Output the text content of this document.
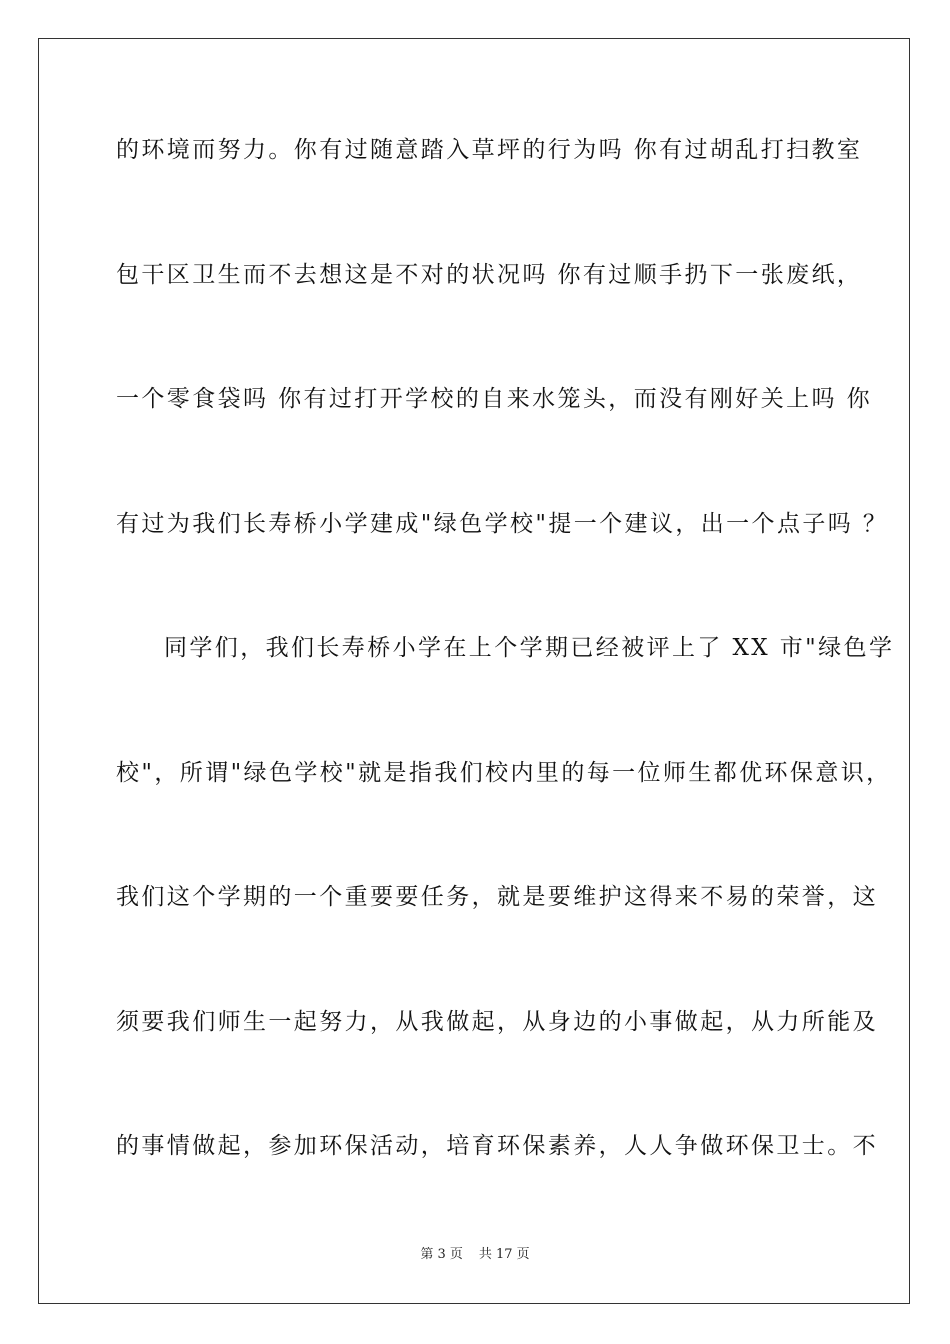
的环境而努力。你有过随意踏入草坪的行为吗 你有过胡乱打扫教室
包干区卫生而不去想这是不对的状况吗 你有过顺手扔下一张废纸，
一个零食袋吗 你有过打开学校的自来水笼头，而没有刚好关上吗 你
有过为我们长寿桥小学建成"绿色学校"提一个建议，出一个点子吗 ？
同学们，我们长寿桥小学在上个学期已经被评上了 XX 市"绿色学
校"，所谓"绿色学校"就是指我们校内里的每一位师生都优环保意识，
我们这个学期的一个重要要任务，就是要维护这得来不易的荣誉，这
须要我们师生一起努力，从我做起，从身边的小事做起，从力所能及
的事情做起，参加环保活动，培育环保素养，人人争做环保卫士。不
第 3 页 共 17 页
